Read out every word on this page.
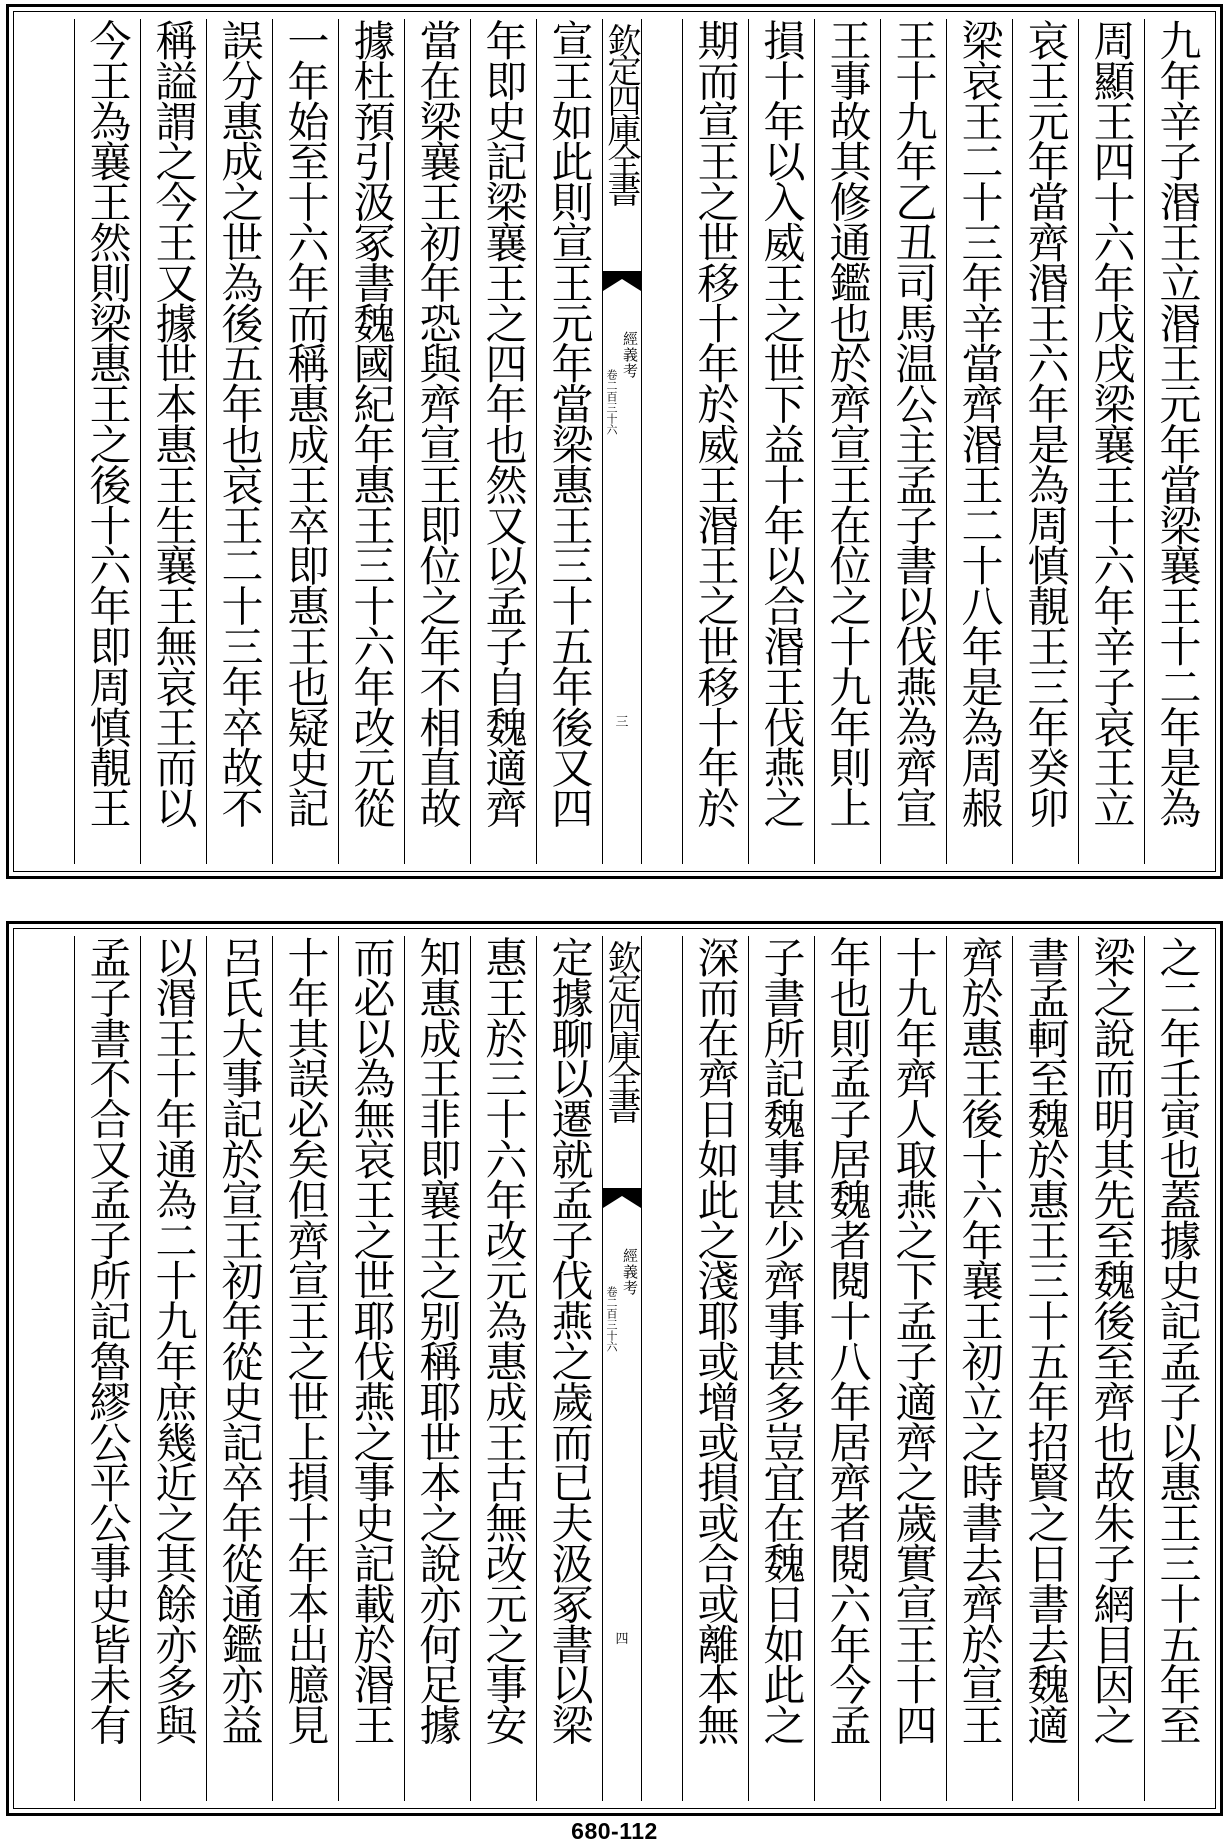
九年辛子湣王立湣王元年當梁襄王十二年是為
周顯王四十六年戊戌梁襄王十六年辛子哀王立
哀王元年當齊湣王六年是為周慎靚王三年癸卯
梁哀王二十三年辛當齊湣王二十八年是為周赧
王十九年乙丑司馬温公主孟子書以伐燕為齊宣
王事故其修通鑑也於齊宣王在位之十九年則上
損十年以入威王之世下益十年以合湣王伐燕之
期而宣王之世移十年於威王湣王之世移十年於
欽定四庫全書
經義考
卷二百三十六
三
宣王如此則宣王元年當梁惠王三十五年後又四
年即史記梁襄王之四年也然又以孟子自魏適齊
當在梁襄王初年恐與齊宣王即位之年不相直故
據杜預引汲冢書魏國紀年惠王三十六年改元從
一年始至十六年而稱惠成王卒即惠王也疑史記
誤分惠成之世為後五年也哀王二十三年卒故不
稱謚謂之今王又據世本惠王生襄王無哀王而以
今王為襄王然則梁惠王之後十六年即周慎靚王
之二年壬寅也蓋據史記孟子以惠王三十五年至
梁之說而明其先至魏後至齊也故朱子網目因之
書孟軻至魏於惠王三十五年招賢之日書去魏適
齊於惠王後十六年襄王初立之時書去齊於宣王
十九年齊人取燕之下孟子適齊之歲實宣王十四
年也則孟子居魏者閱十八年居齊者閱六年今孟
子書所記魏事甚少齊事甚多豈宜在魏日如此之
深而在齊日如此之淺耶或增或損或合或離本無
欽定四庫全書
經義考
卷二百三十六
四
定據聊以遷就孟子伐燕之歲而已夫汲冢書以梁
惠王於三十六年改元為惠成王古無改元之事安
知惠成王非即襄王之别稱耶世本之說亦何足據
而必以為無哀王之世耶伐燕之事史記載於湣王
十年其誤必矣但齊宣王之世上損十年本出臆見
呂氏大事記於宣王初年從史記卒年從通鑑亦益
以湣王十年通為二十九年庶幾近之其餘亦多與
孟子書不合又孟子所記魯繆公平公事史皆未有
680-112
